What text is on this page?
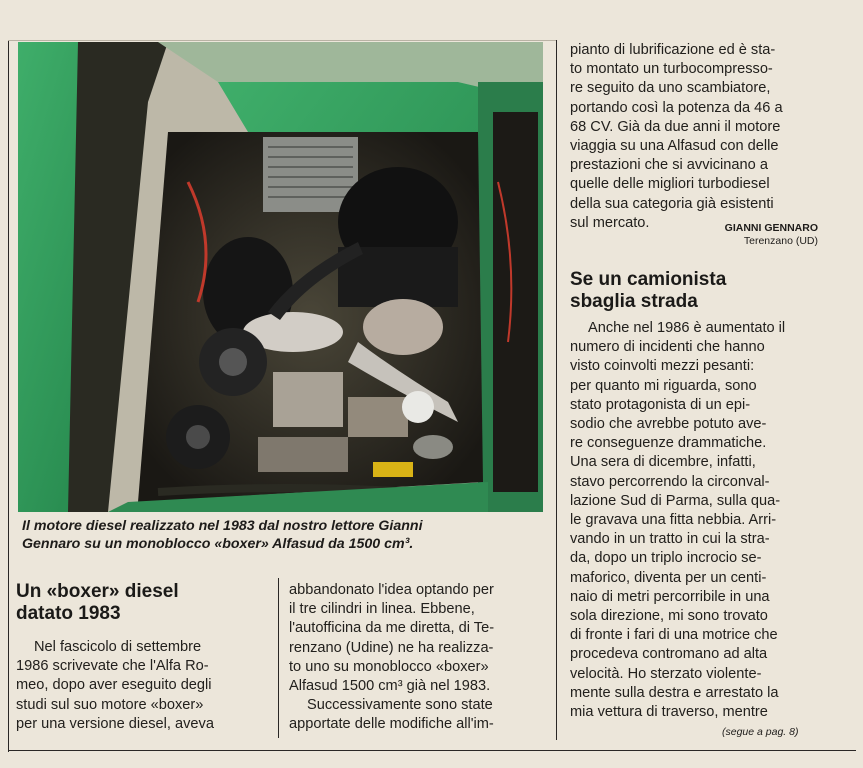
Il motore diesel realizzato nel 1983 dal nostro lettore Gianni
Gennaro su un monoblocco «boxer» Alfasud da 1500 cm³.
Un «boxer» diesel
datato 1983
Nel fascicolo di settembre
1986 scrivevate che l'Alfa Ro-
meo, dopo aver eseguito degli
studi sul suo motore «boxer»
per una versione diesel, aveva
abbandonato l'idea optando per
il tre cilindri in linea. Ebbene,
l'autofficina da me diretta, di Te-
renzano (Udine) ne ha realizza-
to uno su monoblocco «boxer»
Alfasud 1500 cm³ già nel 1983.
Successivamente sono state
apportate delle modifiche all'im-
pianto di lubrificazione ed è sta-
to montato un turbocompresso-
re seguito da uno scambiatore,
portando così la potenza da 46 a
68 CV. Già da due anni il motore
viaggia su una Alfasud con delle
prestazioni che si avvicinano a
quelle delle migliori turbodiesel
della sua categoria già esistenti
sul mercato.	GIANNI GENNARO
Terenzano (UD)
Se un camionista
sbaglia strada
Anche nel 1986 è aumentato il
numero di incidenti che hanno
visto coinvolti mezzi pesanti:
per quanto mi riguarda, sono
stato protagonista di un epi-
sodio che avrebbe potuto ave-
re conseguenze drammatiche.
Una sera di dicembre, infatti,
stavo percorrendo la circonval-
lazione Sud di Parma, sulla qua-
le gravava una fitta nebbia. Arri-
vando in un tratto in cui la stra-
da, dopo un triplo incrocio se-
maforico, diventa per un centi-
naio di metri percorribile in una
sola direzione, mi sono trovato
di fronte i fari di una motrice che
procedeva contromano ad alta
velocità. Ho sterzato violente-
mente sulla destra e arrestato la
mia vettura di traverso, mentre
(segue a pag. 8)
